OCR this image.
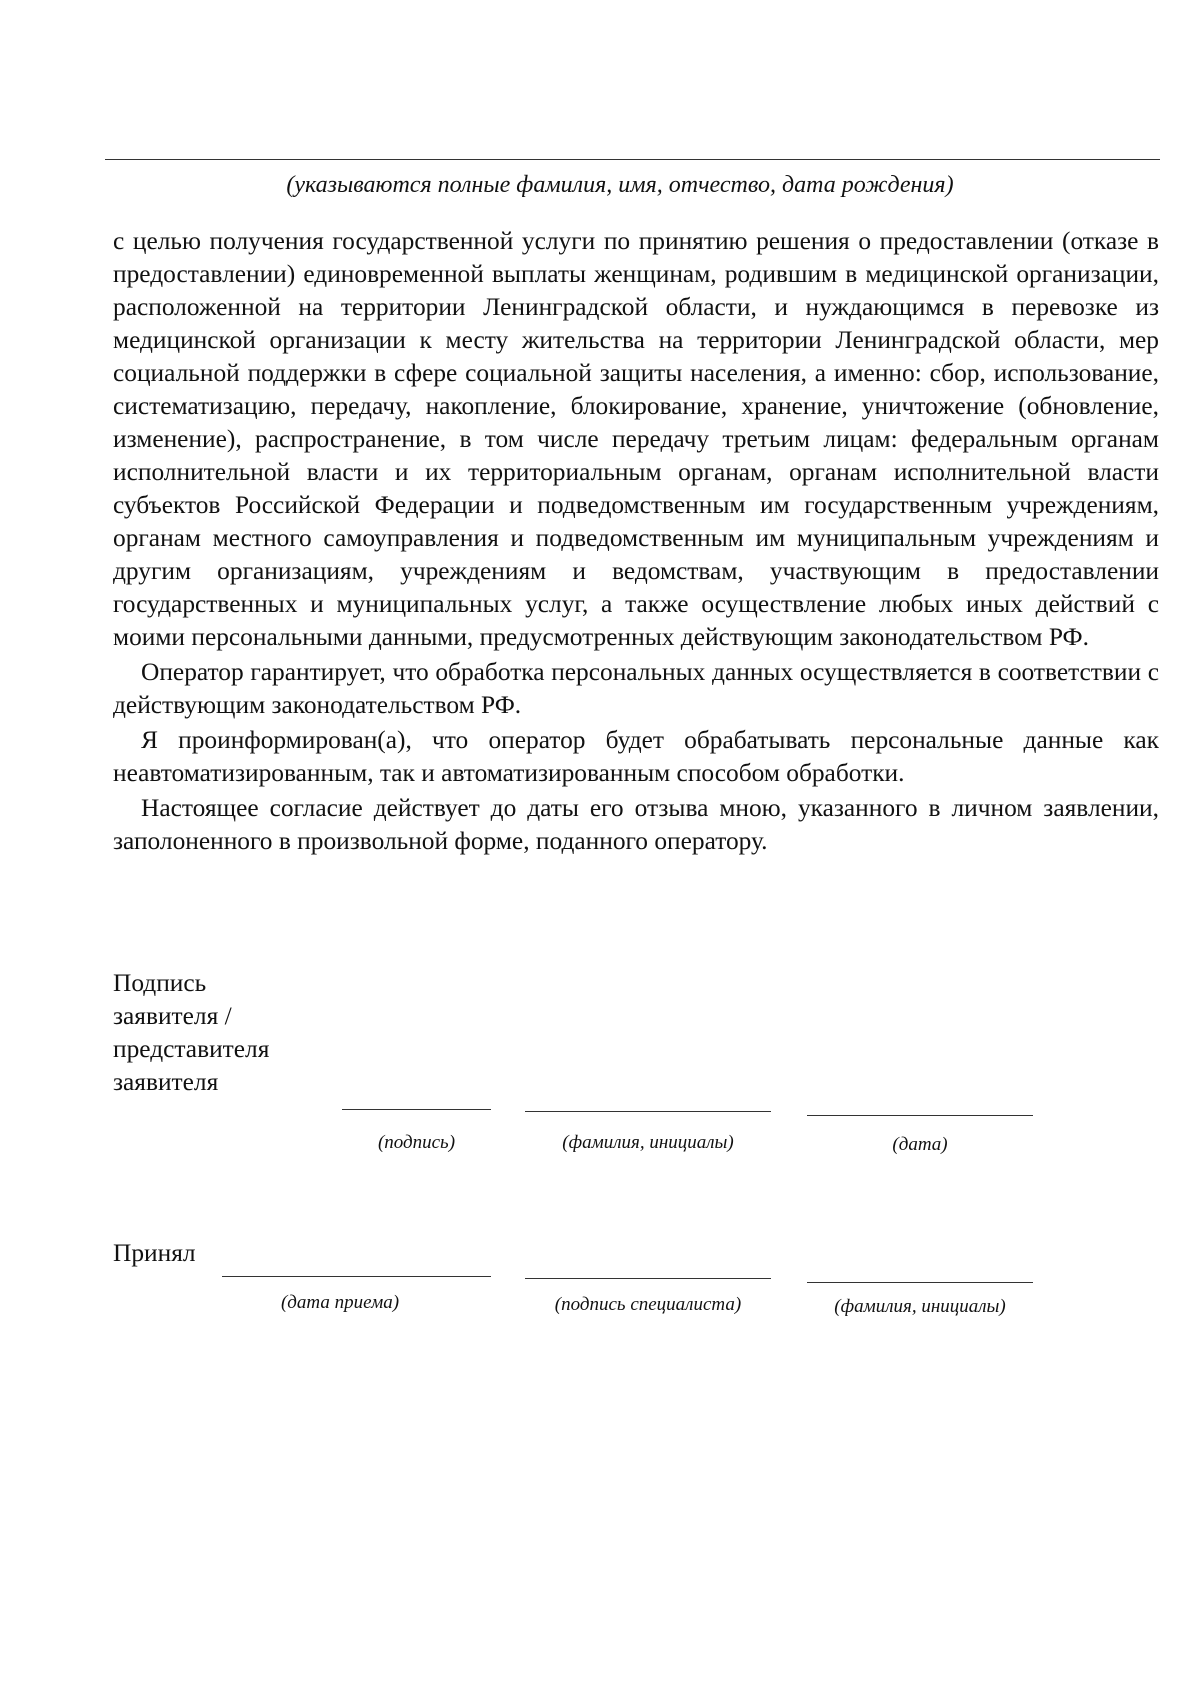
(указываются полные фамилия, имя, отчество, дата рождения)

с целью получения государственной услуги по принятию решения о предоставлении (отказе в предоставлении) единовременной выплаты женщинам, родившим в медицинской организации, расположенной на территории Ленинградской области, и нуждающимся в перевозке из медицинской организации к месту жительства на территории Ленинградской области, мер социальной поддержки в сфере социальной защиты населения, а именно: сбор, использование, систематизацию, передачу, накопление, блокирование, хранение, уничтожение (обновление, изменение), распространение, в том числе передачу третьим лицам: федеральным органам исполнительной власти и их территориальным органам, органам исполнительной власти субъектов Российской Федерации и подведомственным им государственным учреждениям, органам местного самоуправления и подведомственным им муниципальным учреждениям и другим организациям, учреждениям и ведомствам, участвующим в предоставлении государственных и муниципальных услуг, а также осуществление любых иных действий с моими персональными данными, предусмотренных действующим законодательством РФ.

Оператор гарантирует, что обработка персональных данных осуществляется в соответствии с действующим законодательством РФ.

Я проинформирован(а), что оператор будет обрабатывать персональные данные как неавтоматизированным, так и автоматизированным способом обработки.

Настоящее согласие действует до даты его отзыва мною, указанного в личном заявлении, заполоненного в произвольной форме, поданного оператору.

Подпись
заявителя /
представителя
заявителя
(подпись)	(фамилия, инициалы)	(дата)
Принял
(дата приема)	(подпись специалиста)	(фамилия, инициалы)
